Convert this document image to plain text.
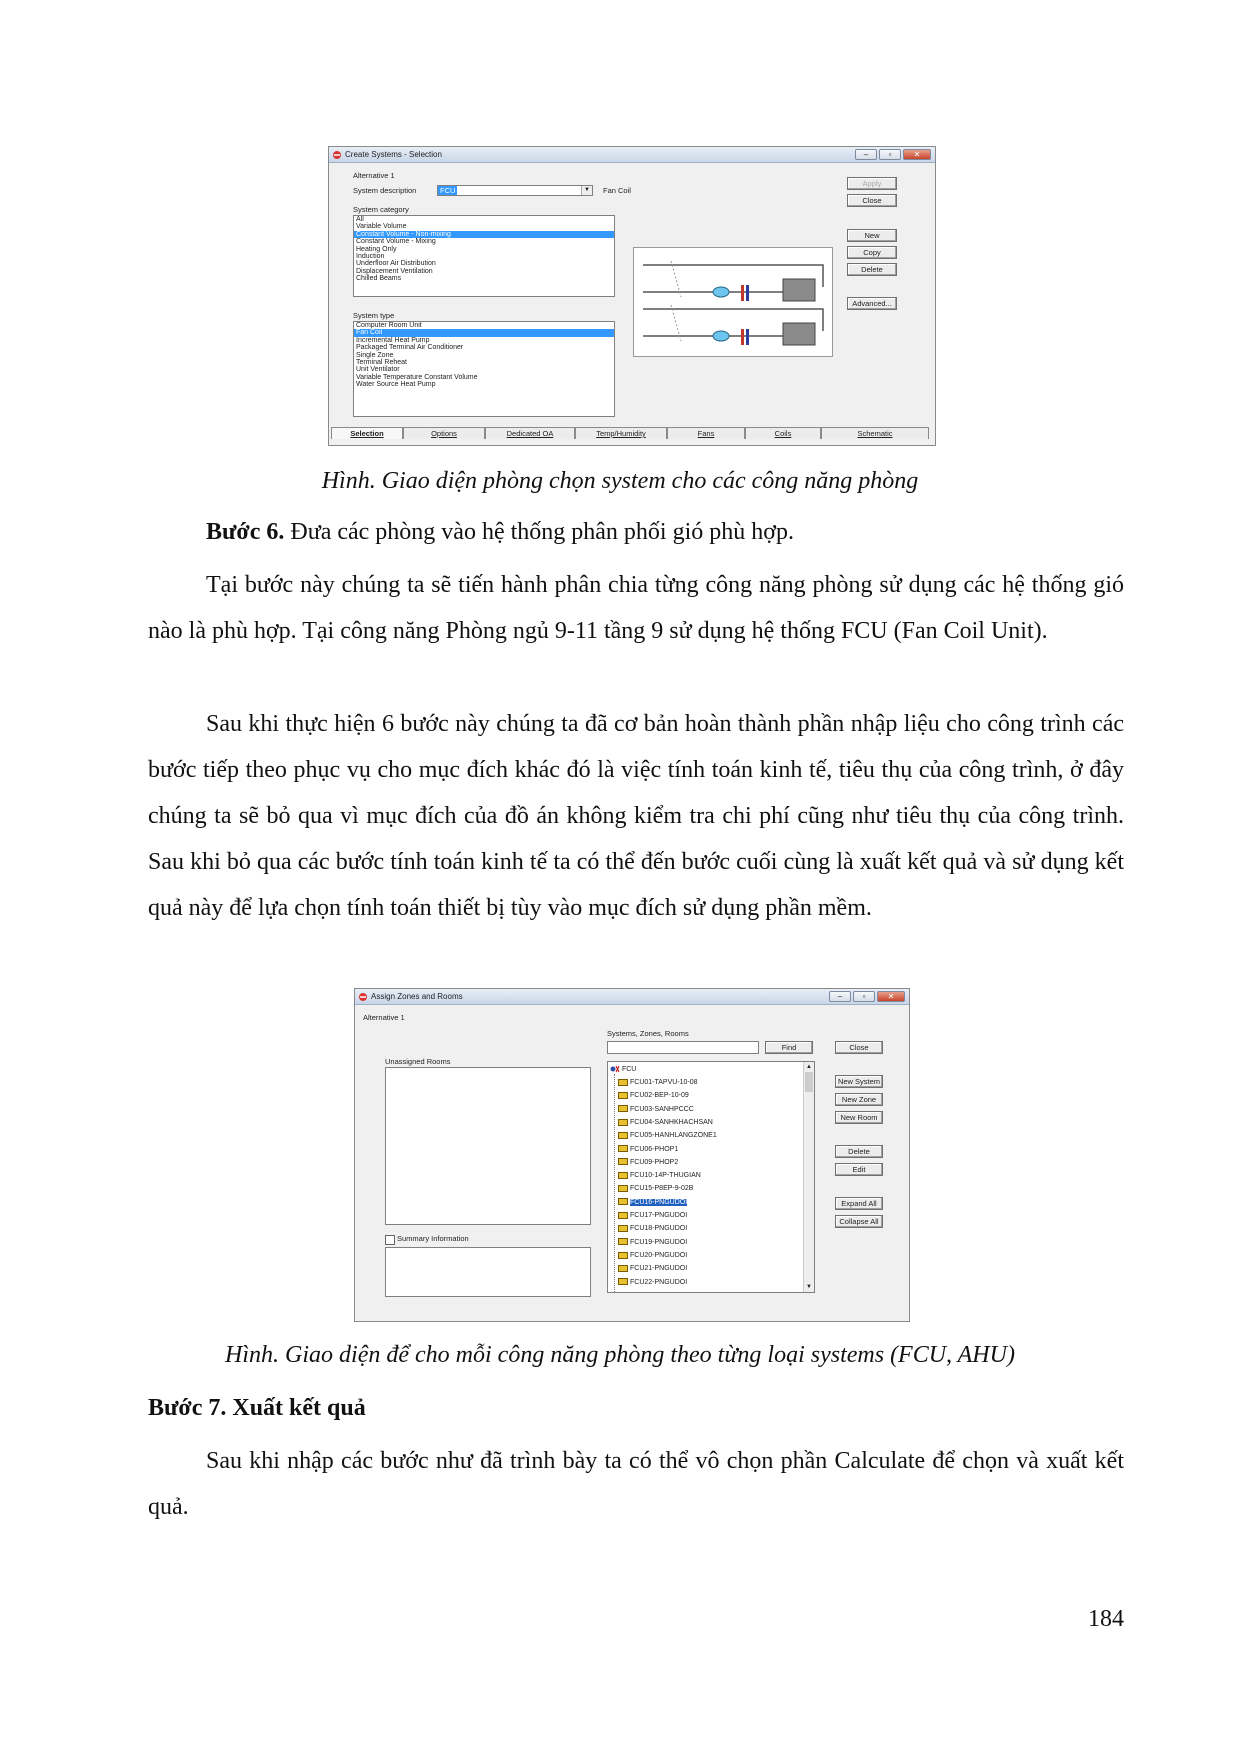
Create Systems - Selection	–	▫	✕
Alternative 1
System description	FCU	▼ Fan Coil
System category
All
Variable Volume
Constant Volume - Non-mixing
Constant Volume - Mixing
Heating Only
Induction
Underfloor Air Distribution
Displacement Ventilation
Chilled Beams
System type
Computer Room Unit
Fan Coil
Incremental Heat Pump
Packaged Terminal Air Conditioner
Single Zone
Terminal Reheat
Unit Ventilator
Variable Temperature Constant Volume
Water Source Heat Pump
Apply
Close
New
Copy
Delete
Advanced...
Selection	Options	Dedicated OA	Temp/Humidity	Fans	Coils	Schematic
Hình. Giao diện phòng chọn system cho các công năng phòng
Bước 6. Đưa các phòng vào hệ thống phân phối gió phù hợp.
Tại bước này chúng ta sẽ tiến hành phân chia từng công năng phòng sử dụng các hệ thống gió nào là phù hợp. Tại công năng Phòng ngủ 9-11 tầng 9 sử dụng hệ thống FCU (Fan Coil Unit).
Sau khi thực hiện 6 bước này chúng ta đã cơ bản hoàn thành phần nhập liệu cho công trình các bước tiếp theo phục vụ cho mục đích khác đó là việc tính toán kinh tế, tiêu thụ của công trình, ở đây chúng ta sẽ bỏ qua vì mục đích của đồ án không kiểm tra chi phí cũng như tiêu thụ của công trình. Sau khi bỏ qua các bước tính toán kinh tế ta có thể đến bước cuối cùng là xuất kết quả và sử dụng kết quả này để lựa chọn tính toán thiết bị tùy vào mục đích sử dụng phần mềm.
Assign Zones and Rooms	–	▫	✕
Alternative 1
Unassigned Rooms
Summary Information
Systems, Zones, Rooms
Find
FCU	▲
▼
FCU01-TAPVU-10-08
FCU02-BEP-10-09
FCU03-SANHPCCC
FCU04-SANHKHACHSAN
FCU05-HANHLANGZONE1
FCU06-PHOP1
FCU09-PHOP2
FCU10-14P-THUGIAN
FCU15-P8EP-9-02B
FCU16-PNGUDOI
FCU17-PNGUDOI
FCU18-PNGUDOI
FCU19-PNGUDOI
FCU20-PNGUDOI
FCU21-PNGUDOI
FCU22-PNGUDOI
Close
New System
New Zone
New Room
Delete
Edit
Expand All
Collapse All
Hình. Giao diện để cho mỗi công năng phòng theo từng loại systems (FCU, AHU)
Bước 7. Xuất kết quả
Sau khi nhập các bước như đã trình bày ta có thể vô chọn phần Calculate để chọn và xuất kết quả.
184
